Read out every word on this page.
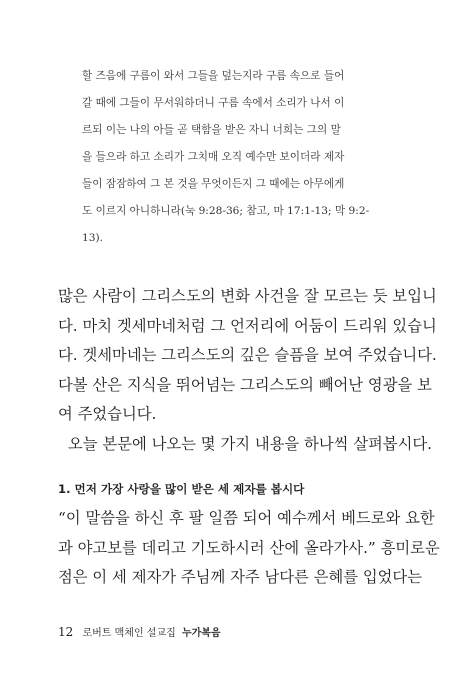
할 즈음에 구름이 와서 그들을 덮는지라 구름 속으로 들어
갈 때에 그들이 무서워하더니 구름 속에서 소리가 나서 이
르되 이는 나의 아들 곧 택함을 받은 자니 너희는 그의 말
을 들으라 하고 소리가 그치매 오직 예수만 보이더라 제자
들이 잠잠하여 그 본 것을 무엇이든지 그 때에는 아무에게
도 이르지 아니하니라(눅 9:28-36; 참고, 마 17:1-13; 막 9:2-
13).
많은 사람이 그리스도의 변화 사건을 잘 모르는 듯 보입니
다. 마치 겟세마네처럼 그 언저리에 어둠이 드리워 있습니
다. 겟세마네는 그리스도의 깊은 슬픔을 보여 주었습니다.
다볼 산은 지식을 뛰어넘는 그리스도의 빼어난 영광을 보
여 주었습니다.
오늘 본문에 나오는 몇 가지 내용을 하나씩 살펴봅시다.
1. 먼저 가장 사랑을 많이 받은 세 제자를 봅시다
“이 말씀을 하신 후 팔 일쯤 되어 예수께서 베드로와 요한
과 야고보를 데리고 기도하시러 산에 올라가사.” 흥미로운
점은 이 세 제자가 주님께 자주 남다른 은혜를 입었다는
12 로버트 맥체인 설교집 누가복음
